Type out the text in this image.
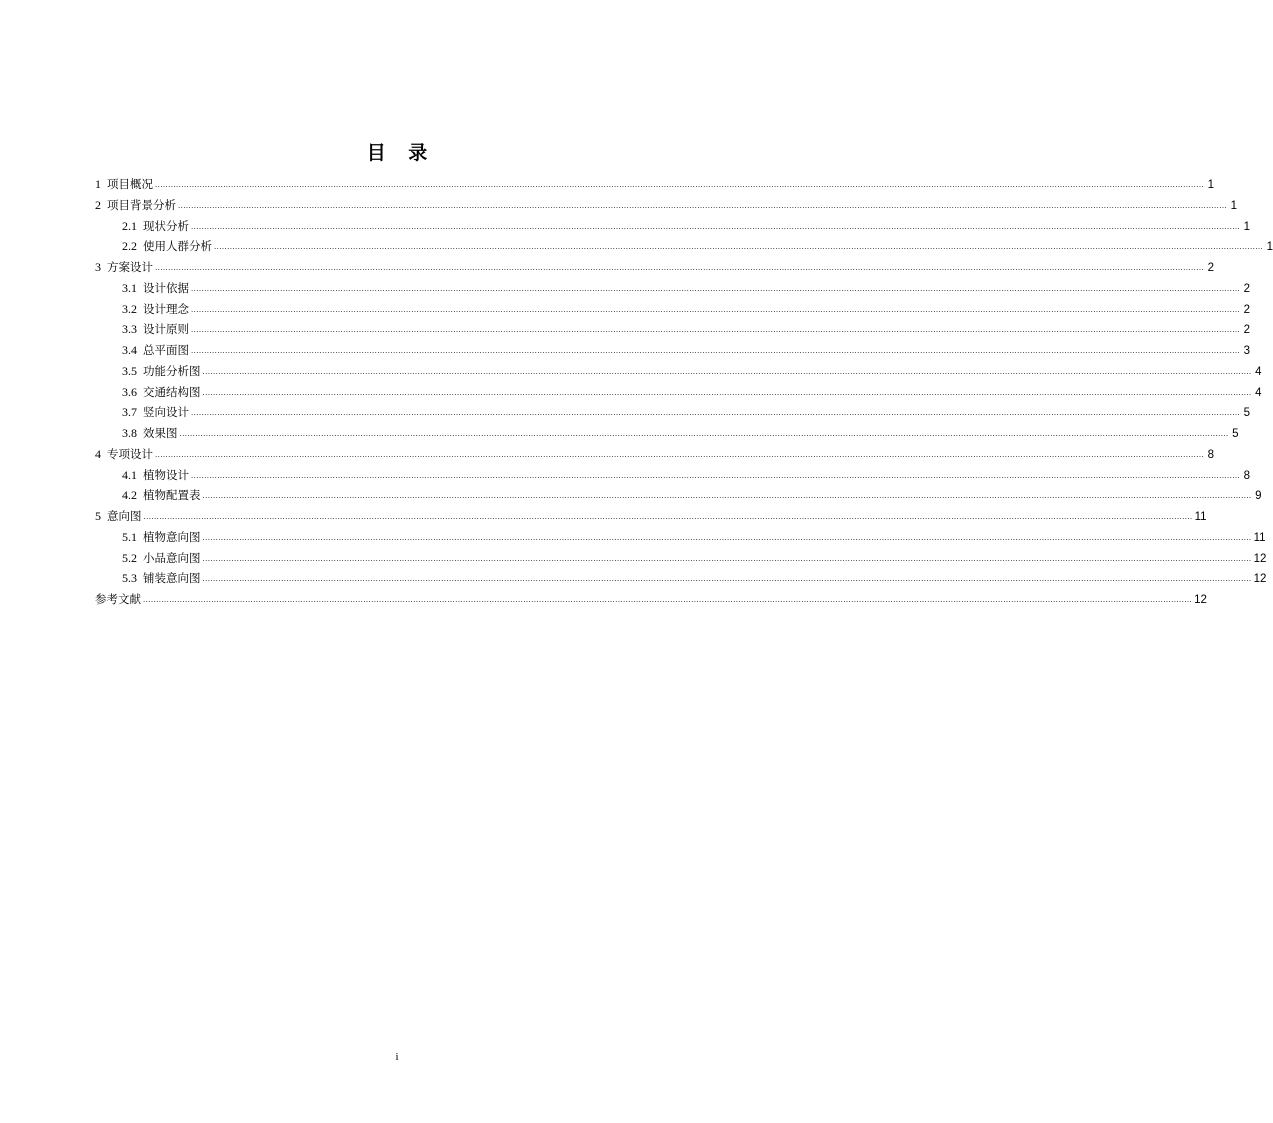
目 录
1
项目概况 ................................................................................................................................................................................................................................................................................................................................................................................................................ 1
2
项目背景分析 ................................................................................................................................................................................................................................................................................................................................................................................................................ 1
2.1
现状分析 ................................................................................................................................................................................................................................................................................................................................................................................................................ 1
2.2
使用人群分析 ................................................................................................................................................................................................................................................................................................................................................................................................................ 1
3
方案设计 ................................................................................................................................................................................................................................................................................................................................................................................................................ 2
3.1
设计依据 ................................................................................................................................................................................................................................................................................................................................................................................................................ 2
3.2
设计理念 ................................................................................................................................................................................................................................................................................................................................................................................................................ 2
3.3
设计原则 ................................................................................................................................................................................................................................................................................................................................................................................................................ 2
3.4
总平面图 ................................................................................................................................................................................................................................................................................................................................................................................................................ 3
3.5
功能分析图 ................................................................................................................................................................................................................................................................................................................................................................................................................ 4
3.6
交通结构图 ................................................................................................................................................................................................................................................................................................................................................................................................................ 4
3.7
竖向设计 ................................................................................................................................................................................................................................................................................................................................................................................................................ 5
3.8
效果图 ................................................................................................................................................................................................................................................................................................................................................................................................................ 5
4
专项设计 ................................................................................................................................................................................................................................................................................................................................................................................................................ 8
4.1
植物设计 ................................................................................................................................................................................................................................................................................................................................................................................................................ 8
4.2
植物配置表 ................................................................................................................................................................................................................................................................................................................................................................................................................ 9
5
意向图 ................................................................................................................................................................................................................................................................................................................................................................................................................ 11
5.1
植物意向图 ................................................................................................................................................................................................................................................................................................................................................................................................................ 11
5.2
小品意向图 ................................................................................................................................................................................................................................................................................................................................................................................................................ 12
5.3
铺装意向图 ................................................................................................................................................................................................................................................................................................................................................................................................................ 12
参考文献 ................................................................................................................................................................................................................................................................................................................................................................................................................ 12
i
